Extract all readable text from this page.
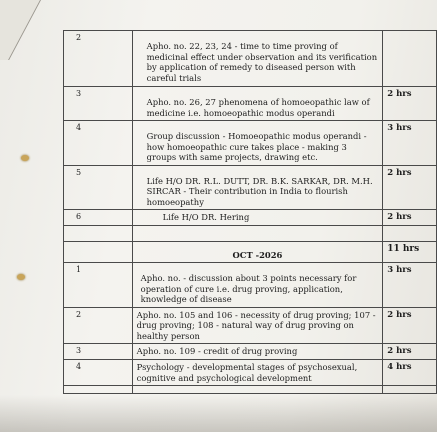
2	Apho. no. 22, 23, 24 - time to time proving of medicinal effect under observation and its verification by application of remedy to diseased person with careful trials	
3	Apho. no. 26, 27 phenomena of homoeopathic law of medicine i.e. homoeopathic modus operandi	2 hrs
4	Group discussion - Homoeopathic modus operandi - how homoeopathic cure takes place - making 3 groups with same projects, drawing etc.	3 hrs
5	Life H/O DR. R.L. DUTT, DR. B.K. SARKAR, DR. M.H. SIRCAR - Their contribution in India to flourish homoeopathy	2 hrs
6	Life H/O DR. Hering	2 hrs

	OCT -2026	11 hrs
1	Apho. no. - discussion about 3 points necessary for operation of cure i.e. drug proving, application, knowledge of disease	3 hrs
2	Apho. no. 105 and 106 - necessity of drug proving; 107 - drug proving; 108 - natural way of drug proving on healthy person	2 hrs
3	Apho. no. 109 - credit of drug proving	2 hrs
4	Psychology - developmental stages of psychosexual, cognitive and psychological development	4 hrs
